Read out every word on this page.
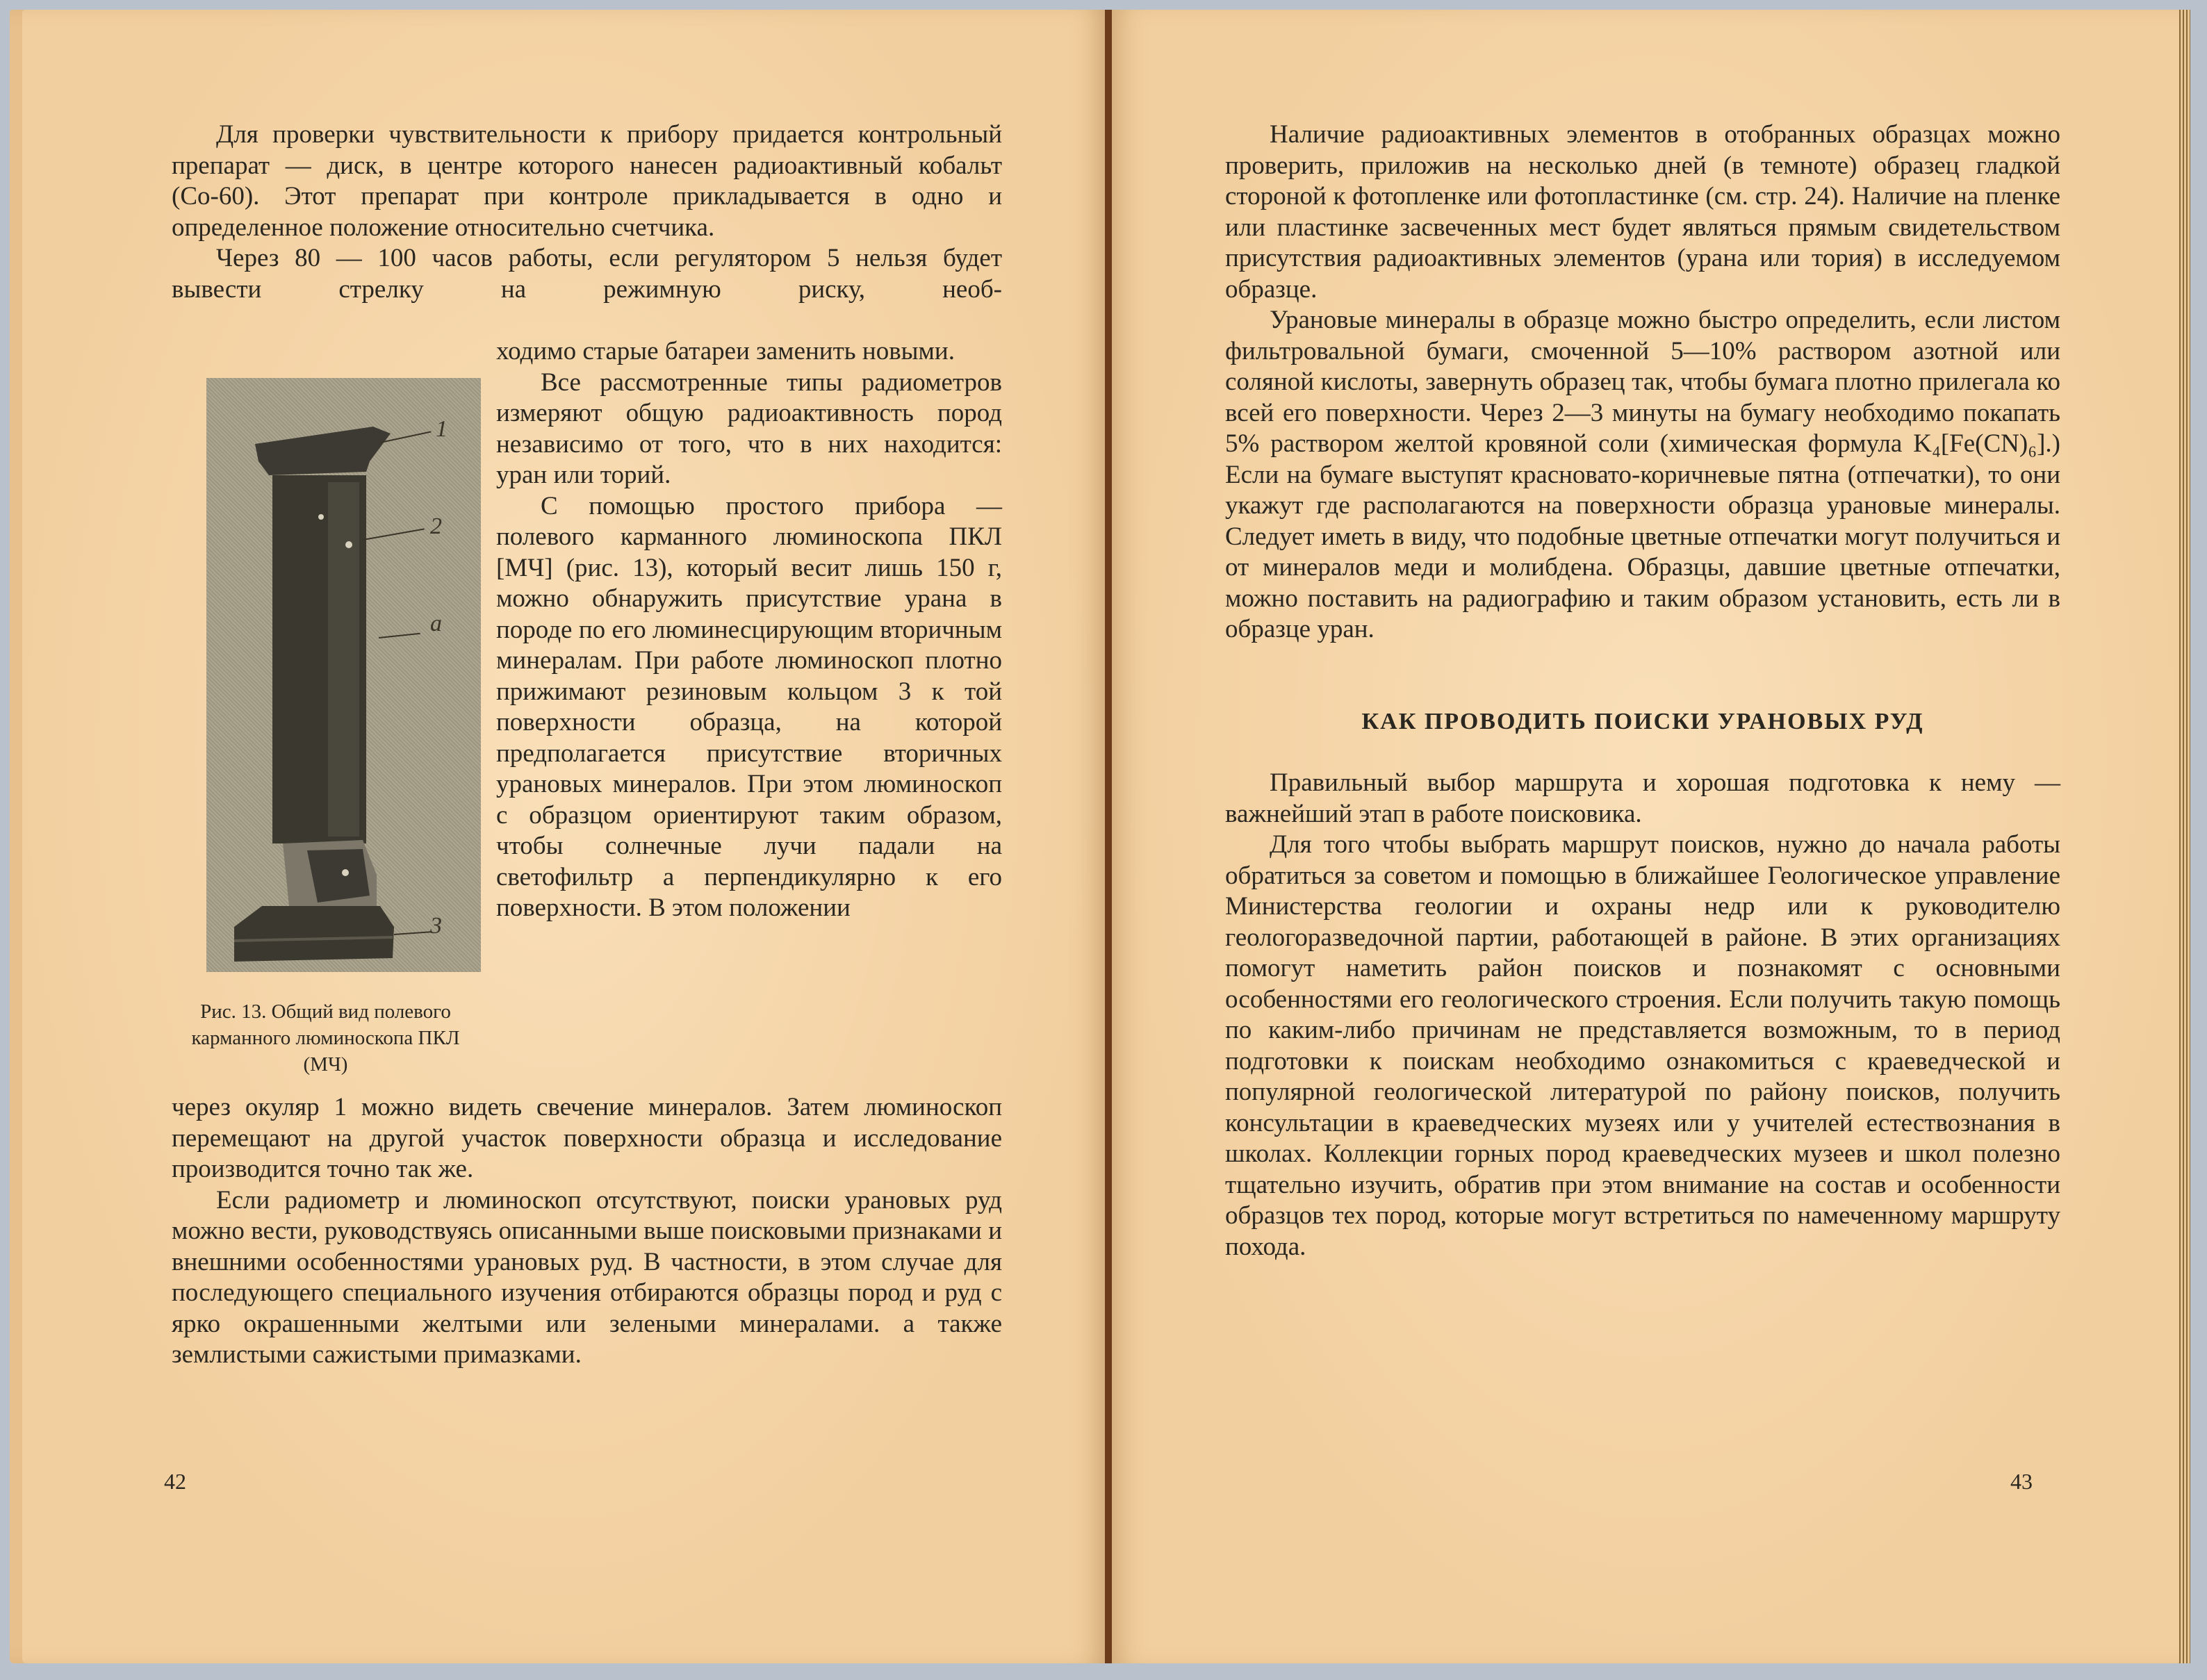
Для проверки чувствительности к прибору придается контрольный препарат — диск, в центре которого нанесен радиоактивный кобальт (Со-60). Этот препарат при контроле прикладывается в одно и определенное положение относительно счетчика.

Через 80 — 100 часов работы, если регулятором 5 нельзя будет вывести стрелку на режимную риску, необ-

1
2
а
3
Рис. 13. Общий вид полевого карманного люминоскопа ПКЛ (МЧ)

ходимо старые батареи заменить новыми.

Все рассмотренные типы радиометров измеряют общую радиоактивность пород независимо от того, что в них находится: уран или торий.

С помощью простого прибора — полевого карманного люминоскопа ПКЛ [МЧ] (рис. 13), который весит лишь 150 г, можно обнаружить присутствие урана в породе по его люминесцирующим вторичным минералам. При работе люминоскоп плотно прижимают резиновым кольцом 3 к той поверхности образца, на которой предполагается присутствие вторичных урановых минералов. При этом люминоскоп с образцом ориентируют таким образом, чтобы солнечные лучи падали на светофильтр а перпендикулярно к его поверхности. В этом положении

через окуляр 1 можно видеть свечение минералов. Затем люминоскоп перемещают на другой участок поверхности образца и исследование производится точно так же.

Если радиометр и люминоскоп отсутствуют, поиски урановых руд можно вести, руководствуясь описанными выше поисковыми признаками и внешними особенностями урановых руд. В частности, в этом случае для последующего специального изучения отбираются образцы пород и руд с ярко окрашенными желтыми или зелеными минералами. а также землистыми сажистыми примазками.

42

Наличие радиоактивных элементов в отобранных образцах можно проверить, приложив на несколько дней (в темноте) образец гладкой стороной к фотопленке или фотопластинке (см. стр. 24). Наличие на пленке или пластинке засвеченных мест будет являться прямым свидетельством присутствия радиоактивных элементов (урана или тория) в исследуемом образце.

Урановые минералы в образце можно быстро определить, если листом фильтровальной бумаги, смоченной 5—10% раствором азотной или соляной кислоты, завернуть образец так, чтобы бумага плотно прилегала ко всей его поверхности. Через 2—3 минуты на бумагу необходимо покапать 5% раствором желтой кровяной соли (химическая формула K₄[Fe(CN)₆].) Если на бумаге выступят красновато-коричневые пятна (отпечатки), то они укажут где располагаются на поверхности образца урановые минералы. Следует иметь в виду, что подобные цветные отпечатки могут получиться и от минералов меди и молибдена. Образцы, давшие цветные отпечатки, можно поставить на радиографию и таким образом установить, есть ли в образце уран.

КАК ПРОВОДИТЬ ПОИСКИ УРАНОВЫХ РУД

Правильный выбор маршрута и хорошая подготовка к нему — важнейший этап в работе поисковика.

Для того чтобы выбрать маршрут поисков, нужно до начала работы обратиться за советом и помощью в ближайшее Геологическое управление Министерства геологии и охраны недр или к руководителю геологоразведочной партии, работающей в районе. В этих организациях помогут наметить район поисков и познакомят с основными особенностями его геологического строения. Если получить такую помощь по каким-либо причинам не представляется возможным, то в период подготовки к поискам необходимо ознакомиться с краеведческой и популярной геологической литературой по району поисков, получить консультации в краеведческих музеях или у учителей естествознания в школах. Коллекции горных пород краеведческих музеев и школ полезно тщательно изучить, обратив при этом внимание на состав и особенности образцов тех пород, которые могут встретиться по намеченному маршруту похода.

43
